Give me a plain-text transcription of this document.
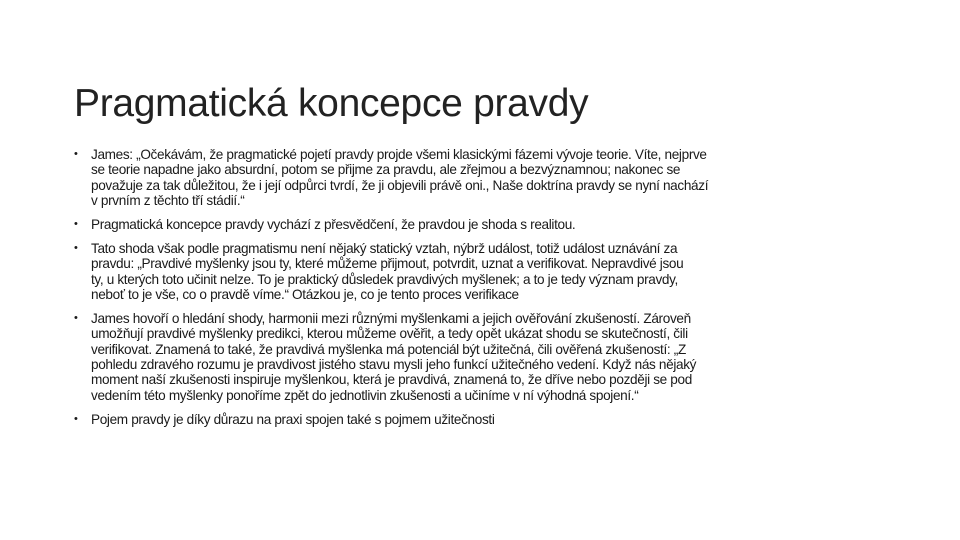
Pragmatická koncepce pravdy
• James: „Očekávám, že pragmatické pojetí pravdy projde všemi klasickými fázemi vývoje teorie. Víte, nejprve
se teorie napadne jako absurdní, potom se přijme za pravdu, ale zřejmou a bezvýznamnou; nakonec se
považuje za tak důležitou, že i její odpůrci tvrdí, že ji objevili právě oni., Naše doktrína pravdy se nyní nachází
v prvním z těchto tří stádií.“
• Pragmatická koncepce pravdy vychází z přesvědčení, že pravdou je shoda s realitou.
• Tato shoda však podle pragmatismu není nějaký statický vztah, nýbrž událost, totiž událost uznávání za
pravdu: „Pravdivé myšlenky jsou ty, které můžeme přijmout, potvrdit, uznat a verifikovat. Nepravdivé jsou
ty, u kterých toto učinit nelze. To je praktický důsledek pravdivých myšlenek; a to je tedy význam pravdy,
neboť to je vše, co o pravdě víme.“ Otázkou je, co je tento proces verifikace
• James hovoří o hledání shody, harmonii mezi různými myšlenkami a jejich ověřování zkušeností. Zároveň
umožňují pravdivé myšlenky predikci, kterou můžeme ověřit, a tedy opět ukázat shodu se skutečností, čili
verifikovat. Znamená to také, že pravdivá myšlenka má potenciál být užitečná, čili ověřená zkušeností: „Z
pohledu zdravého rozumu je pravdivost jistého stavu mysli jeho funkcí užitečného vedení. Když nás nějaký
moment naší zkušenosti inspiruje myšlenkou, která je pravdivá, znamená to, že dříve nebo později se pod
vedením této myšlenky ponoříme zpět do jednotlivin zkušenosti a učiníme v ní výhodná spojení.“
• Pojem pravdy je díky důrazu na praxi spojen také s pojmem užitečnosti
